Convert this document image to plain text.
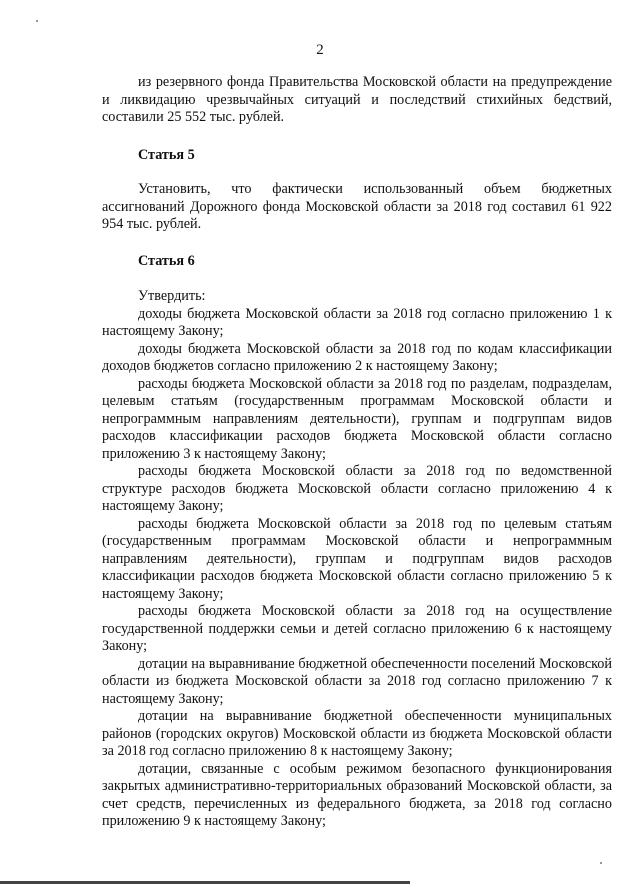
2

из резервного фонда Правительства Московской области на предупреждение и ликвидацию чрезвычайных ситуаций и последствий стихийных бедствий, составили 25 552 тыс. рублей.

Статья 5

Установить, что фактически использованный объем бюджетных ассигнований Дорожного фонда Московской области за 2018 год составил 61 922 954 тыс. рублей.

Статья 6

Утвердить:

доходы бюджета Московской области за 2018 год согласно приложению 1 к настоящему Закону;

доходы бюджета Московской области за 2018 год по кодам классификации доходов бюджетов согласно приложению 2 к настоящему Закону;

расходы бюджета Московской области за 2018 год по разделам, подразделам, целевым статьям (государственным программам Московской области и непрограммным направлениям деятельности), группам и подгруппам видов расходов классификации расходов бюджета Московской области согласно приложению 3 к настоящему Закону;

расходы бюджета Московской области за 2018 год по ведомственной структуре расходов бюджета Московской области согласно приложению 4 к настоящему Закону;

расходы бюджета Московской области за 2018 год по целевым статьям (государственным программам Московской области и непрограммным направлениям деятельности), группам и подгруппам видов расходов классификации расходов бюджета Московской области согласно приложению 5 к настоящему Закону;

расходы бюджета Московской области за 2018 год на осуществление государственной поддержки семьи и детей согласно приложению 6 к настоящему Закону;

дотации на выравнивание бюджетной обеспеченности поселений Московской области из бюджета Московской области за 2018 год согласно приложению 7 к настоящему Закону;

дотации на выравнивание бюджетной обеспеченности муниципальных районов (городских округов) Московской области из бюджета Московской области за 2018 год согласно приложению 8 к настоящему Закону;

дотации, связанные с особым режимом безопасного функционирования закрытых административно-территориальных образований Московской области, за счет средств, перечисленных из федерального бюджета, за 2018 год согласно приложению 9 к настоящему Закону;
